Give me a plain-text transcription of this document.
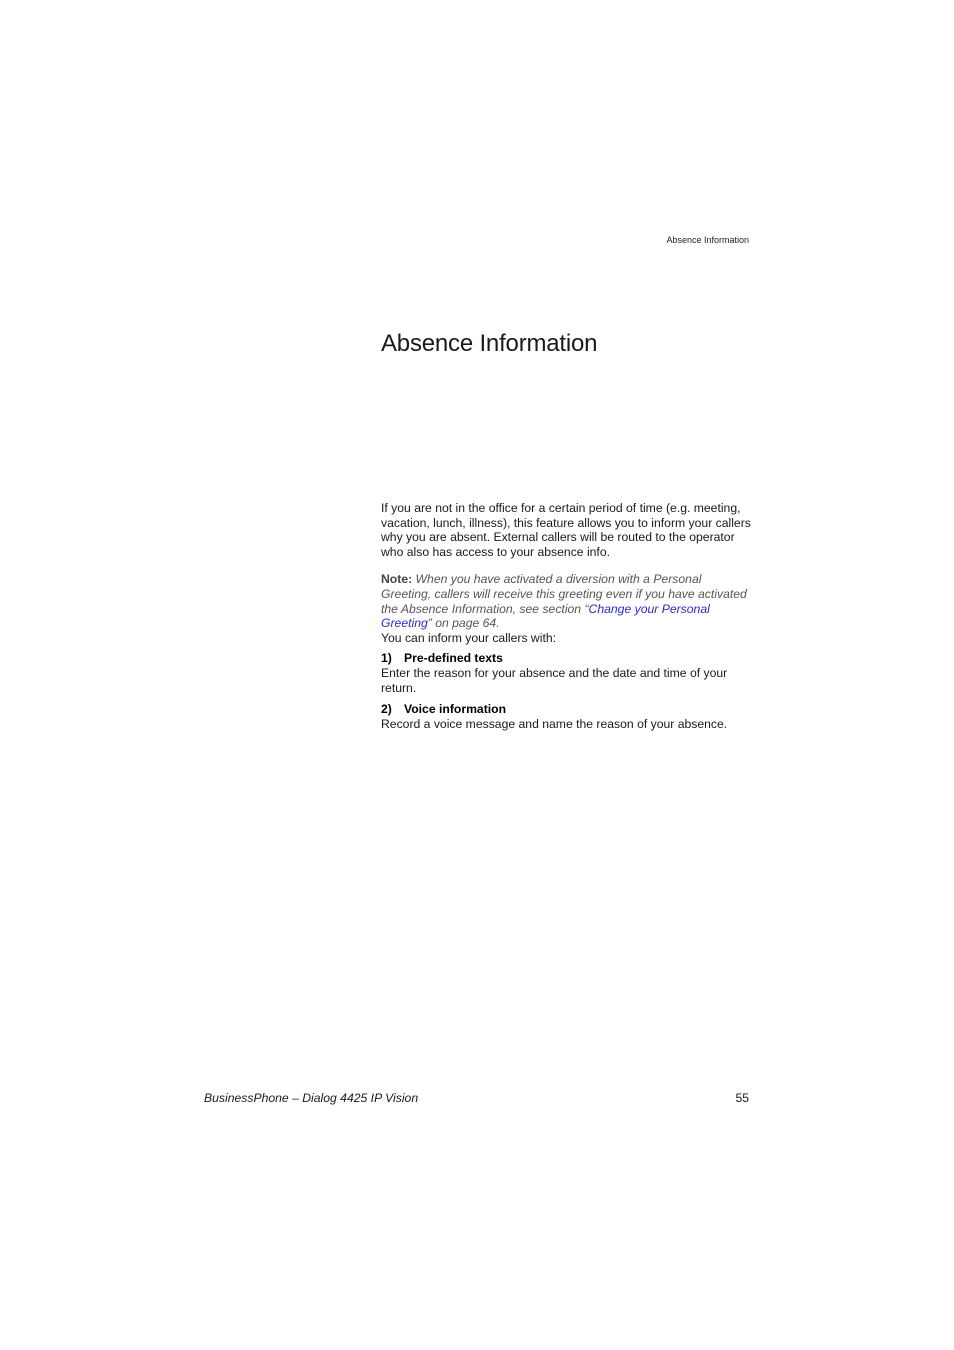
Absence Information
Absence Information

If you are not in the office for a certain period of time (e.g. meeting, vacation, lunch, illness), this feature allows you to inform your callers why you are absent. External callers will be routed to the operator who also has access to your absence info.

Note: When you have activated a diversion with a Personal Greeting, callers will receive this greeting even if you have activated the Absence Information, see section “Change your Personal Greeting” on page 64.

You can inform your callers with:

1) Pre-defined texts

Enter the reason for your absence and the date and time of your return.

2) Voice information

Record a voice message and name the reason of your absence.

BusinessPhone – Dialog 4425 IP Vision	55
